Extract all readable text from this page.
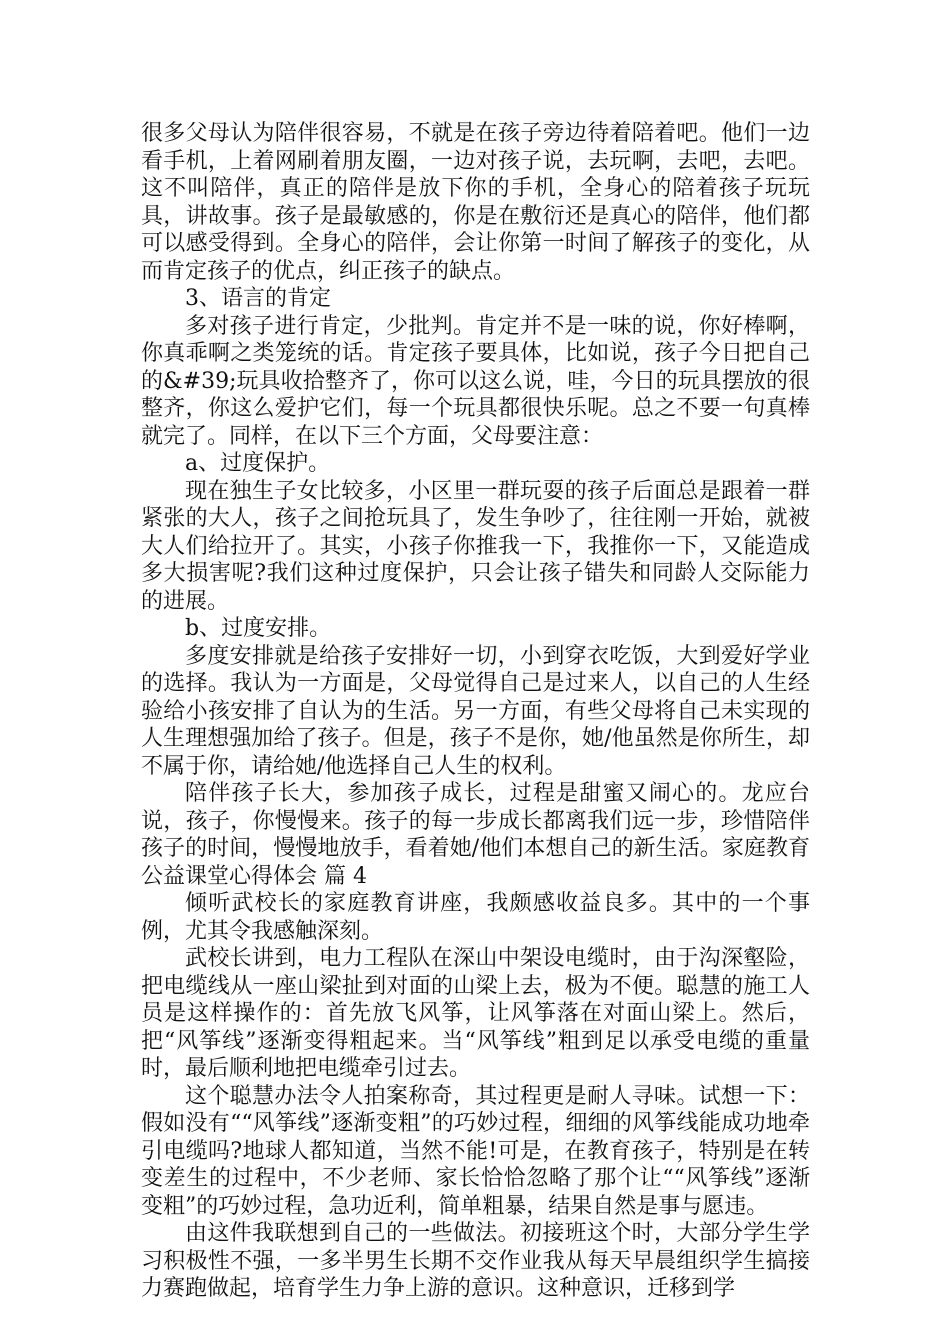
很多父母认为陪伴很容易，不就是在孩子旁边待着陪着吧。他们一边看手机，上着网刷着朋友圈，一边对孩子说，去玩啊，去吧，去吧。这不叫陪伴，真正的陪伴是放下你的手机，全身心的陪着孩子玩玩具，讲故事。孩子是最敏感的，你是在敷衍还是真心的陪伴，他们都可以感受得到。全身心的陪伴，会让你第一时间了解孩子的变化，从而肯定孩子的优点，纠正孩子的缺点。

3、语言的肯定

多对孩子进行肯定，少批判。肯定并不是一味的说，你好棒啊，你真乖啊之类笼统的话。肯定孩子要具体，比如说，孩子今日把自己的&#39;玩具收拾整齐了，你可以这么说，哇，今日的玩具摆放的很整齐，你这么爱护它们，每一个玩具都很快乐呢。总之不要一句真棒就完了。同样，在以下三个方面，父母要注意：

a、过度保护。

现在独生子女比较多，小区里一群玩耍的孩子后面总是跟着一群紧张的大人，孩子之间抢玩具了，发生争吵了，往往刚一开始，就被大人们给拉开了。其实，小孩子你推我一下，我推你一下，又能造成多大损害呢?我们这种过度保护，只会让孩子错失和同龄人交际能力的进展。

b、过度安排。

多度安排就是给孩子安排好一切，小到穿衣吃饭，大到爱好学业的选择。我认为一方面是，父母觉得自己是过来人，以自己的人生经验给小孩安排了自认为的生活。另一方面，有些父母将自己未实现的人生理想强加给了孩子。但是，孩子不是你，她/他虽然是你所生，却不属于你，请给她/他选择自己人生的权利。

陪伴孩子长大，参加孩子成长，过程是甜蜜又闹心的。龙应台说，孩子，你慢慢来。孩子的每一步成长都离我们远一步，珍惜陪伴孩子的时间，慢慢地放手，看着她/他们本想自己的新生活。家庭教育公益课堂心得体会 篇 4

倾听武校长的家庭教育讲座，我颇感收益良多。其中的一个事例，尤其令我感触深刻。

武校长讲到，电力工程队在深山中架设电缆时，由于沟深壑险，把电缆线从一座山梁扯到对面的山梁上去，极为不便。聪慧的施工人员是这样操作的：首先放飞风筝，让风筝落在对面山梁上。然后，把“风筝线”逐渐变得粗起来。当“风筝线”粗到足以承受电缆的重量时，最后顺利地把电缆牵引过去。

这个聪慧办法令人拍案称奇，其过程更是耐人寻味。试想一下：假如没有““风筝线”逐渐变粗”的巧妙过程，细细的风筝线能成功地牵引电缆吗?地球人都知道，当然不能!可是，在教育孩子，特别是在转变差生的过程中，不少老师、家长恰恰忽略了那个让““风筝线”逐渐变粗”的巧妙过程，急功近利，简单粗暴，结果自然是事与愿违。

由这件我联想到自己的一些做法。初接班这个时，大部分学生学习积极性不强，一多半男生长期不交作业我从每天早晨组织学生搞接力赛跑做起，培育学生力争上游的意识。这种意识，迁移到学
